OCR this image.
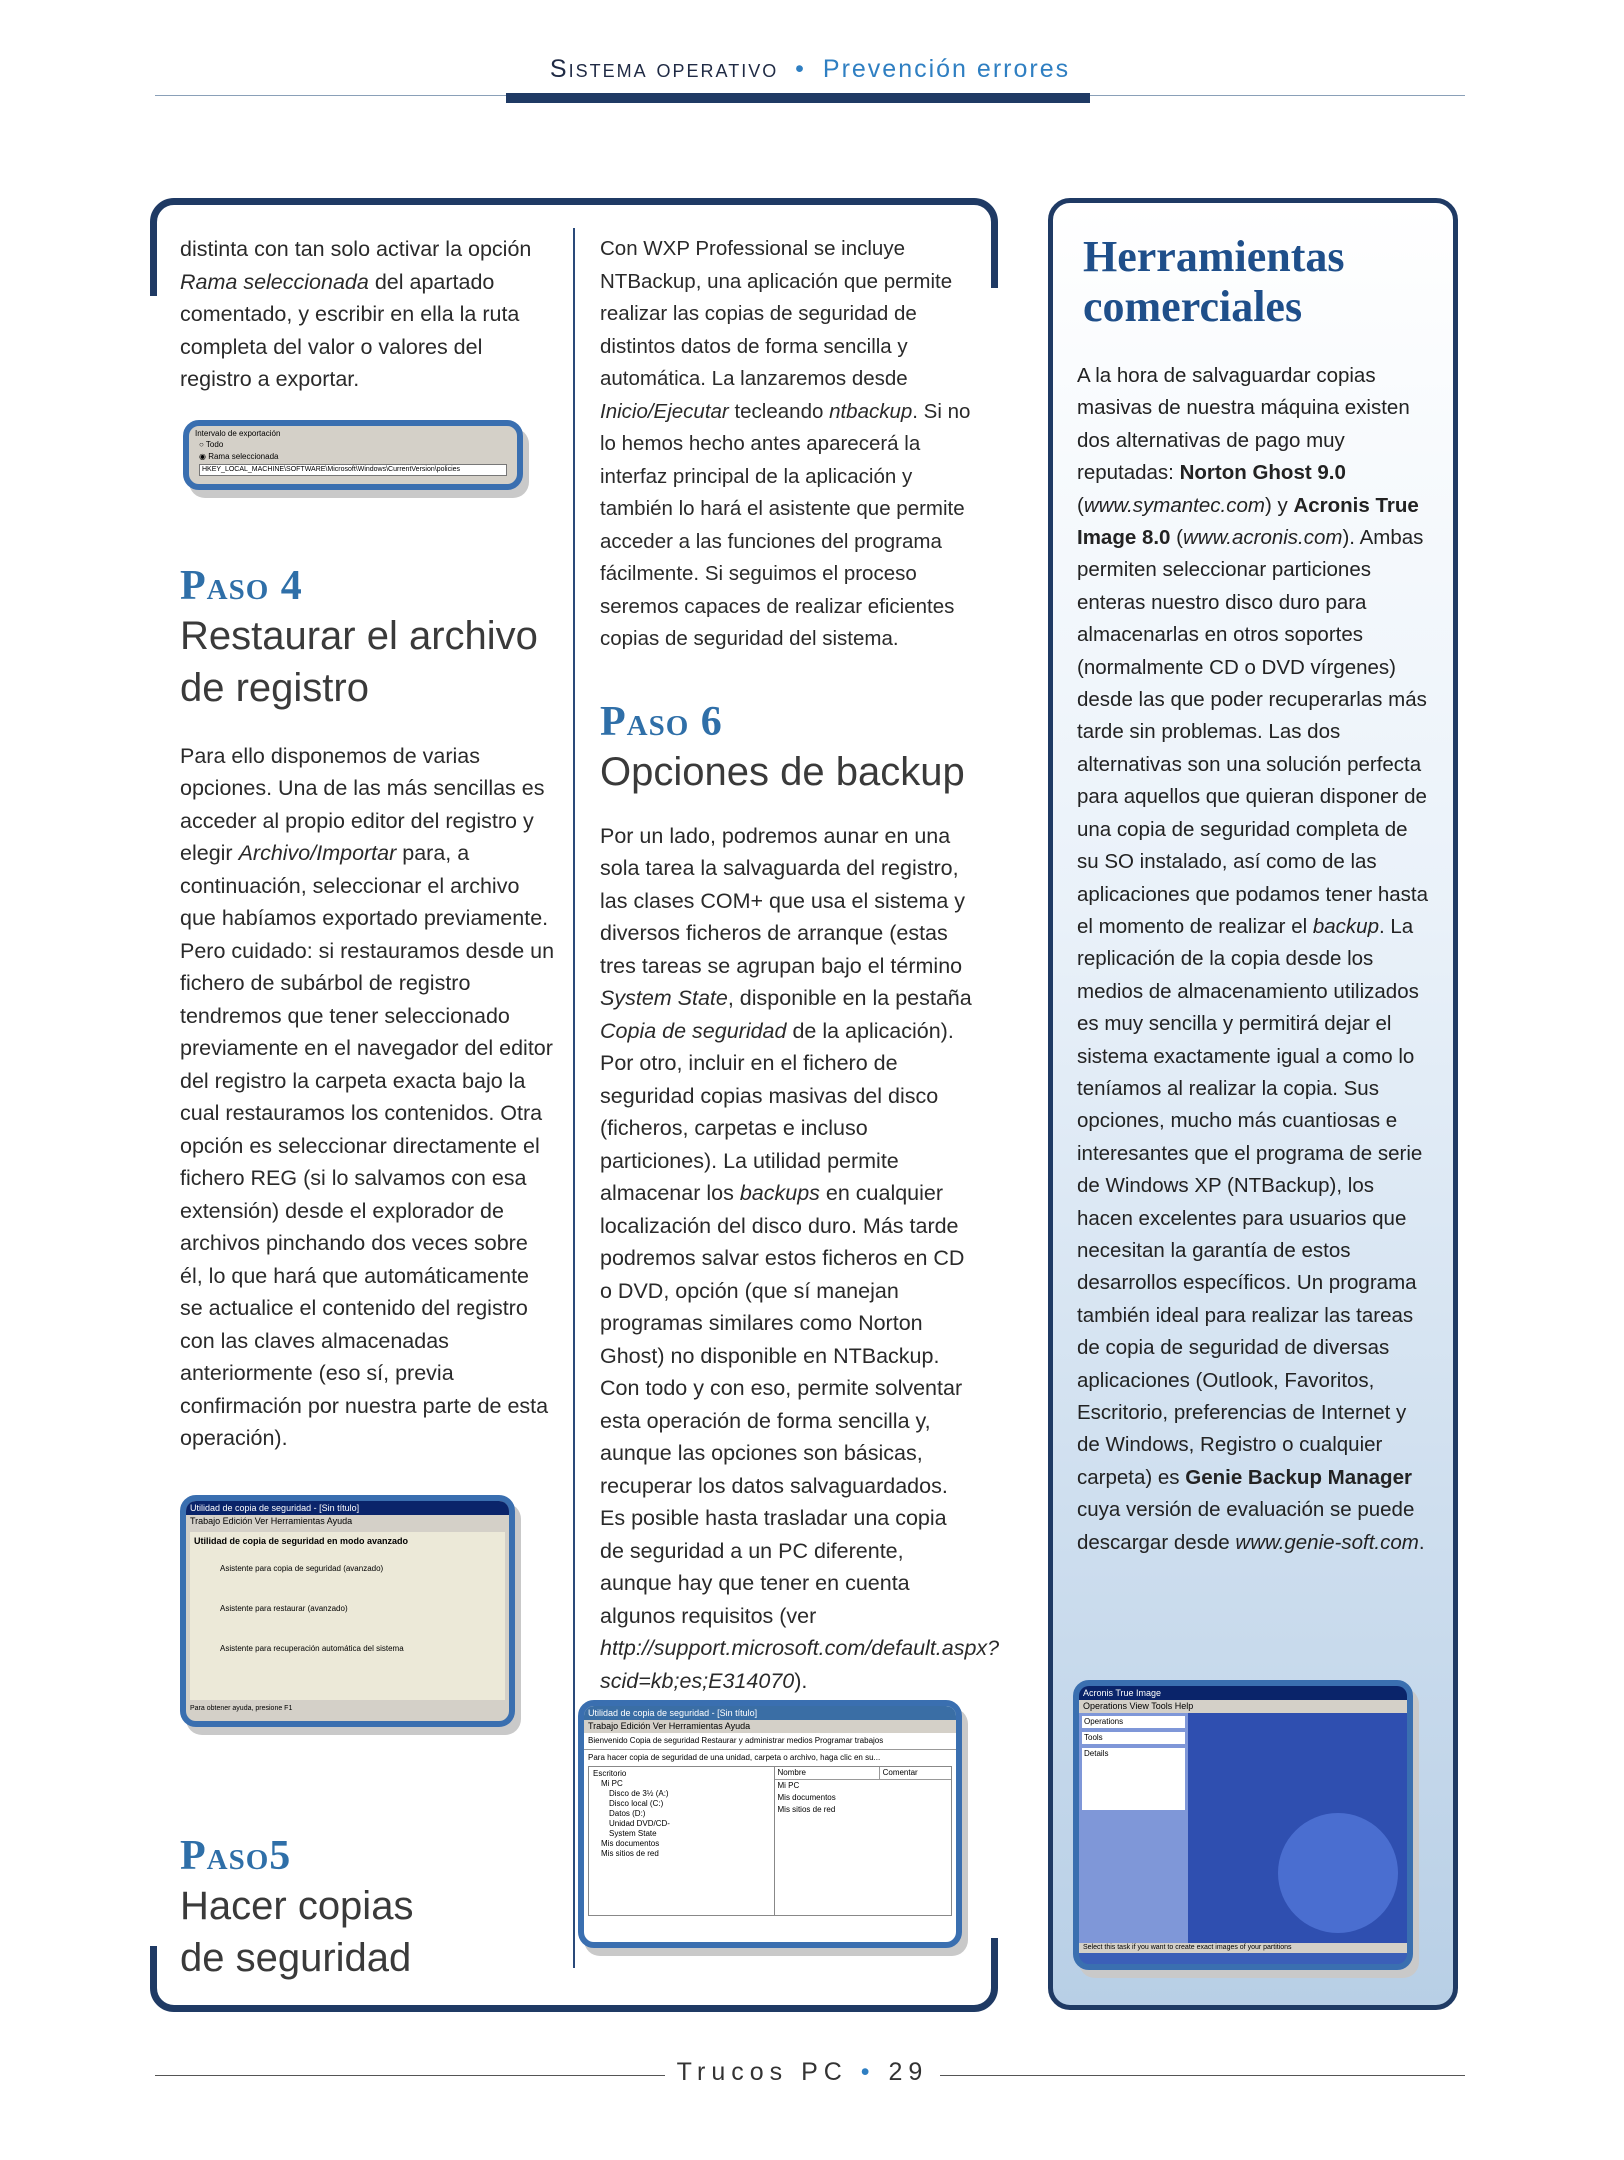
Sistema operativo • Prevención errores

distinta con tan solo activar la opción Rama seleccionada del apartado comentado, y escribir en ella la ruta completa del valor o valores del registro a exportar.

Paso 4

Restaurar el archivo de registro

Para ello disponemos de varias opciones. Una de las más sencillas es acceder al propio editor del registro y elegir Archivo/Importar para, a continuación, seleccionar el archivo que habíamos exportado previamente. Pero cuidado: si restauramos desde un fichero de subárbol de registro tendremos que tener seleccionado previamente en el navegador del editor del registro la carpeta exacta bajo la cual restauramos los contenidos. Otra opción es seleccionar directamente el fichero REG (si lo salvamos con esa extensión) desde el explorador de archivos pinchando dos veces sobre él, lo que hará que automáticamente se actualice el contenido del registro con las claves almacenadas anteriormente (eso sí, previa confirmación por nuestra parte de esta operación).

Paso5

Hacer copias

de seguridad

Con WXP Professional se incluye NTBackup, una aplicación que permite realizar las copias de seguridad de distintos datos de forma sencilla y automática. La lanzaremos desde Inicio/Ejecutar tecleando ntbackup. Si no lo hemos hecho antes aparecerá la interfaz principal de la aplicación y también lo hará el asistente que permite acceder a las funciones del programa fácilmente. Si seguimos el proceso seremos capaces de realizar eficientes copias de seguridad del sistema.

Paso 6

Opciones de backup

Por un lado, podremos aunar en una sola tarea la salvaguarda del registro, las clases COM+ que usa el sistema y diversos ficheros de arranque (estas tres tareas se agrupan bajo el término System State, disponible en la pestaña Copia de seguridad de la aplicación). Por otro, incluir en el fichero de seguridad copias masivas del disco (ficheros, carpetas e incluso particiones). La utilidad permite almacenar los backups en cualquier localización del disco duro. Más tarde podremos salvar estos ficheros en CD o DVD, opción (que sí manejan programas similares como Norton Ghost) no disponible en NTBackup. Con todo y con eso, permite solventar esta operación de forma sencilla y, aunque las opciones son básicas, recuperar los datos salvaguardados. Es posible hasta trasladar una copia de seguridad a un PC diferente, aunque hay que tener en cuenta algunos requisitos (ver http://support.microsoft.com/default.aspx?scid=kb;es;E314070).

Intervalo de exportación
○ Todo
◉ Rama seleccionada
HKEY_LOCAL_MACHINE\SOFTWARE\Microsoft\Windows\CurrentVersion\policies
Utilidad de copia de seguridad - [Sin título]
Trabajo Edición Ver Herramientas Ayuda
Utilidad de copia de seguridad en modo avanzado
Asistente para copia de seguridad (avanzado)
Asistente para restaurar (avanzado)
Asistente para recuperación automática del sistema
Para obtener ayuda, presione F1	Utilidad de copia de seguridad - [Sin título]
Trabajo Edición Ver Herramientas Ayuda
Bienvenido Copia de seguridad Restaurar y administrar medios Programar trabajos
Para hacer copia de seguridad de una unidad, carpeta o archivo, haga clic en su...
Escritorio
Mi PC
Disco de 3½ (A:)
Disco local (C:)
Datos (D:)
Unidad DVD/CD-
System State
Mis documentos
Mis sitios de red
Nombre	Comentar
Mi PC
Mis documentos
Mis sitios de red

Herramientas comerciales

A la hora de salvaguardar copias masivas de nuestra máquina existen dos alternativas de pago muy reputadas: Norton Ghost 9.0 (www.symantec.com) y Acronis True Image 8.0 (www.acronis.com). Ambas permiten seleccionar particiones enteras nuestro disco duro para almacenarlas en otros soportes (normalmente CD o DVD vírgenes) desde las que poder recuperarlas más tarde sin problemas. Las dos alternativas son una solución perfecta para aquellos que quieran disponer de una copia de seguridad completa de su SO instalado, así como de las aplicaciones que podamos tener hasta el momento de realizar el backup. La replicación de la copia desde los medios de almacenamiento utilizados es muy sencilla y permitirá dejar el sistema exactamente igual a como lo teníamos al realizar la copia. Sus opciones, mucho más cuantiosas e interesantes que el programa de serie de Windows XP (NTBackup), los hacen excelentes para usuarios que necesitan la garantía de estos desarrollos específicos. Un programa también ideal para realizar las tareas de copia de seguridad de diversas aplicaciones (Outlook, Favoritos, Escritorio, preferencias de Internet y de Windows, Registro o cualquier carpeta) es Genie Backup Manager cuya versión de evaluación se puede descargar desde www.genie-soft.com.

Acronis True Image
Operations View Tools Help
Operations
Tools
Details
Select this task if you want to create exact images of your partitions
Trucos PC • 29
